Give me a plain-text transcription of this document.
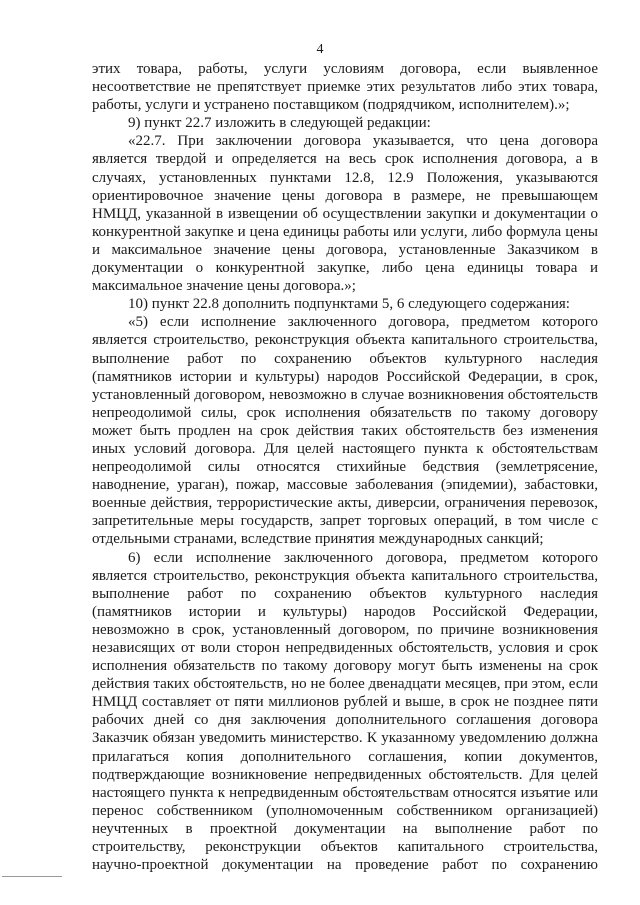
4

этих товара, работы, услуги условиям договора, если выявленное

несоответствие не препятствует приемке этих результатов либо этих товара,

работы, услуги и устранено поставщиком (подрядчиком, исполнителем).»;

9) пункт 22.7 изложить в следующей редакции:

«22.7. При заключении договора указывается, что цена договора

является твердой и определяется на весь срок исполнения договора, а в

случаях, установленных пунктами 12.8, 12.9 Положения, указываются

ориентировочное значение цены договора в размере, не превышающем

НМЦД, указанной в извещении об осуществлении закупки и документации о

конкурентной закупке и цена единицы работы или услуги, либо формула цены

и максимальное значение цены договора, установленные Заказчиком в

документации о конкурентной закупке, либо цена единицы товара и

максимальное значение цены договора.»;

10) пункт 22.8 дополнить подпунктами 5, 6 следующего содержания:

«5) если исполнение заключенного договора, предметом которого

является строительство, реконструкция объекта капитального строительства,

выполнение работ по сохранению объектов культурного наследия

(памятников истории и культуры) народов Российской Федерации, в срок,

установленный договором, невозможно в случае возникновения обстоятельств

непреодолимой силы, срок исполнения обязательств по такому договору

может быть продлен на срок действия таких обстоятельств без изменения

иных условий договора. Для целей настоящего пункта к обстоятельствам

непреодолимой силы относятся стихийные бедствия (землетрясение,

наводнение, ураган), пожар, массовые заболевания (эпидемии), забастовки,

военные действия, террористические акты, диверсии, ограничения перевозок,

запретительные меры государств, запрет торговых операций, в том числе с

отдельными странами, вследствие принятия международных санкций;

6) если исполнение заключенного договора, предметом которого

является строительство, реконструкция объекта капитального строительства,

выполнение работ по сохранению объектов культурного наследия

(памятников истории и культуры) народов Российской Федерации,

невозможно в срок, установленный договором, по причине возникновения

независящих от воли сторон непредвиденных обстоятельств, условия и срок

исполнения обязательств по такому договору могут быть изменены на срок

действия таких обстоятельств, но не более двенадцати месяцев, при этом, если

НМЦД составляет от пяти миллионов рублей и выше, в срок не позднее пяти

рабочих дней со дня заключения дополнительного соглашения договора

Заказчик обязан уведомить министерство. К указанному уведомлению должна

прилагаться копия дополнительного соглашения, копии документов,

подтверждающие возникновение непредвиденных обстоятельств. Для целей

настоящего пункта к непредвиденным обстоятельствам относятся изъятие или

перенос собственником (уполномоченным собственником организацией)

неучтенных в проектной документации на выполнение работ по

строительству, реконструкции объектов капитального строительства,

научно-проектной документации на проведение работ по сохранению
